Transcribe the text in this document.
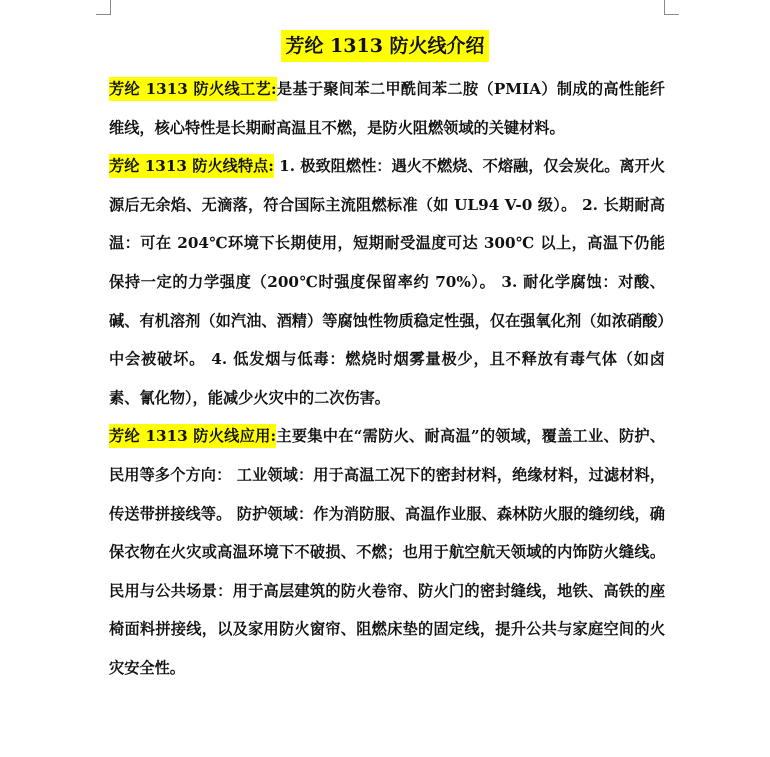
芳纶 1313 防火线介绍

芳纶 1313 防火线工艺:是基于聚间苯二甲酰间苯二胺（PMIA）制成的高性能纤维线，核心特性是长期耐高温且不燃，是防火阻燃领域的关键材料。

芳纶 1313 防火线特点: 1. 极致阻燃性：遇火不燃烧、不熔融，仅会炭化。离开火源后无余焰、无滴落，符合国际主流阻燃标准（如 UL94 V-0 级）。 2. 长期耐高温：可在 204℃环境下长期使用，短期耐受温度可达 300℃ 以上，高温下仍能保持一定的力学强度（200℃时强度保留率约 70%）。 3. 耐化学腐蚀：对酸、碱、有机溶剂（如汽油、酒精）等腐蚀性物质稳定性强，仅在强氧化剂（如浓硝酸）中会被破坏。 4. 低发烟与低毒：燃烧时烟雾量极少，且不释放有毒气体（如卤素、氰化物），能减少火灾中的二次伤害。

芳纶 1313 防火线应用:主要集中在“需防火、耐高温”的领域，覆盖工业、防护、民用等多个方向： 工业领域：用于高温工况下的密封材料，绝缘材料，过滤材料，传送带拼接线等。 防护领域：作为消防服、高温作业服、森林防火服的缝纫线，确保衣物在火灾或高温环境下不破损、不燃；也用于航空航天领域的内饰防火缝线。 民用与公共场景：用于高层建筑的防火卷帘、防火门的密封缝线，地铁、高铁的座椅面料拼接线，以及家用防火窗帘、阻燃床垫的固定线，提升公共与家庭空间的火灾安全性。
